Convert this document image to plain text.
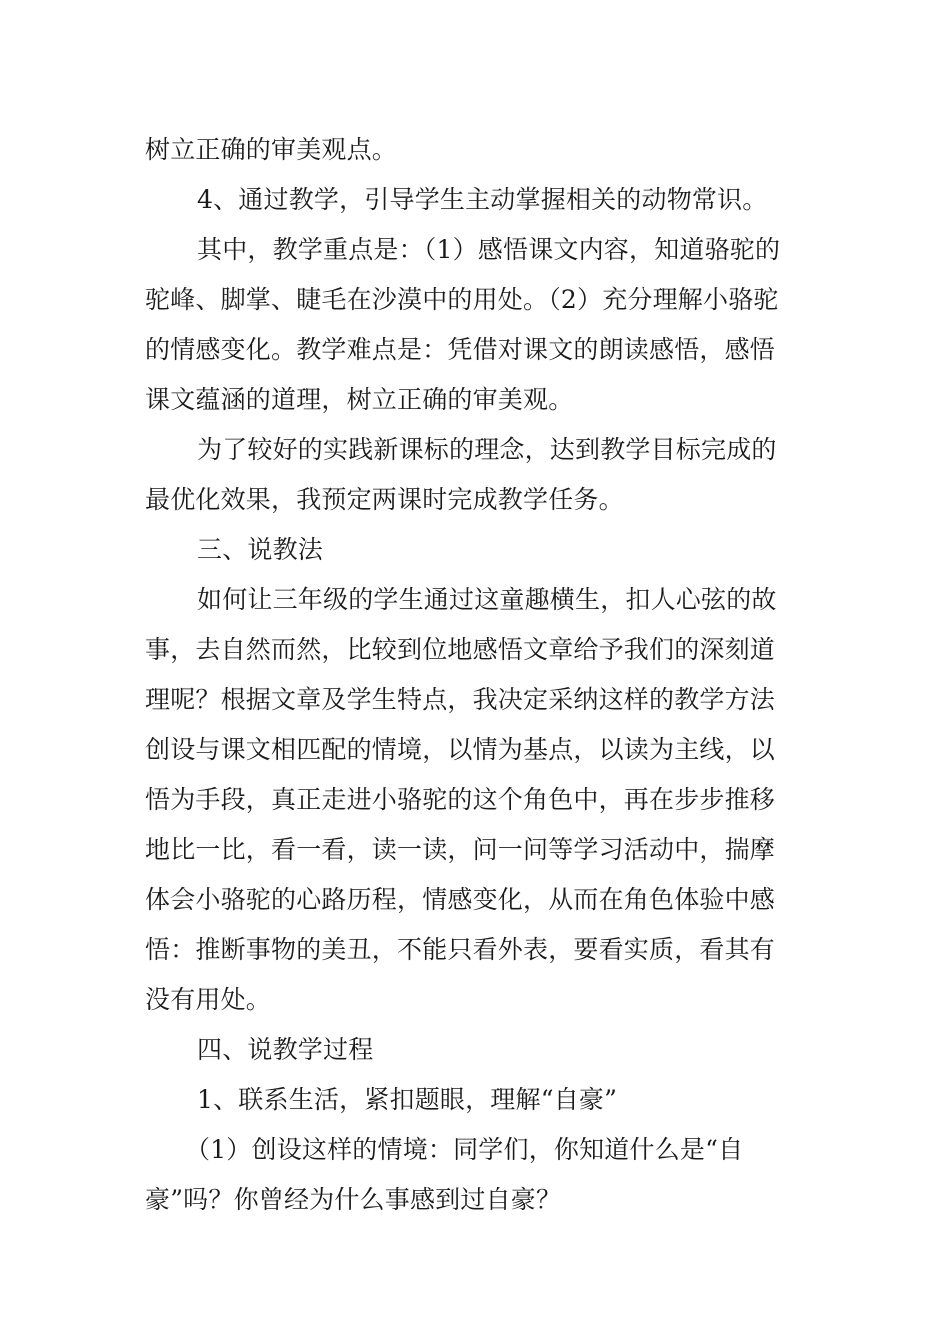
树立正确的审美观点。
4、通过教学，引导学生主动掌握相关的动物常识。
其中，教学重点是：（1）感悟课文内容，知道骆驼的
驼峰、脚掌、睫毛在沙漠中的用处。（2）充分理解小骆驼
的情感变化。教学难点是：凭借对课文的朗读感悟，感悟
课文蕴涵的道理，树立正确的审美观。
为了较好的实践新课标的理念，达到教学目标完成的
最优化效果，我预定两课时完成教学任务。
三、说教法
如何让三年级的学生通过这童趣横生，扣人心弦的故
事，去自然而然，比较到位地感悟文章给予我们的深刻道
理呢？根据文章及学生特点，我决定采纳这样的教学方法
创设与课文相匹配的情境，以情为基点，以读为主线，以
悟为手段，真正走进小骆驼的这个角色中，再在步步推移
地比一比，看一看，读一读，问一问等学习活动中，揣摩
体会小骆驼的心路历程，情感变化，从而在角色体验中感
悟：推断事物的美丑，不能只看外表，要看实质，看其有
没有用处。
四、说教学过程
1、联系生活，紧扣题眼，理解“自豪”
（1）创设这样的情境：同学们，你知道什么是“自
豪”吗？你曾经为什么事感到过自豪？
